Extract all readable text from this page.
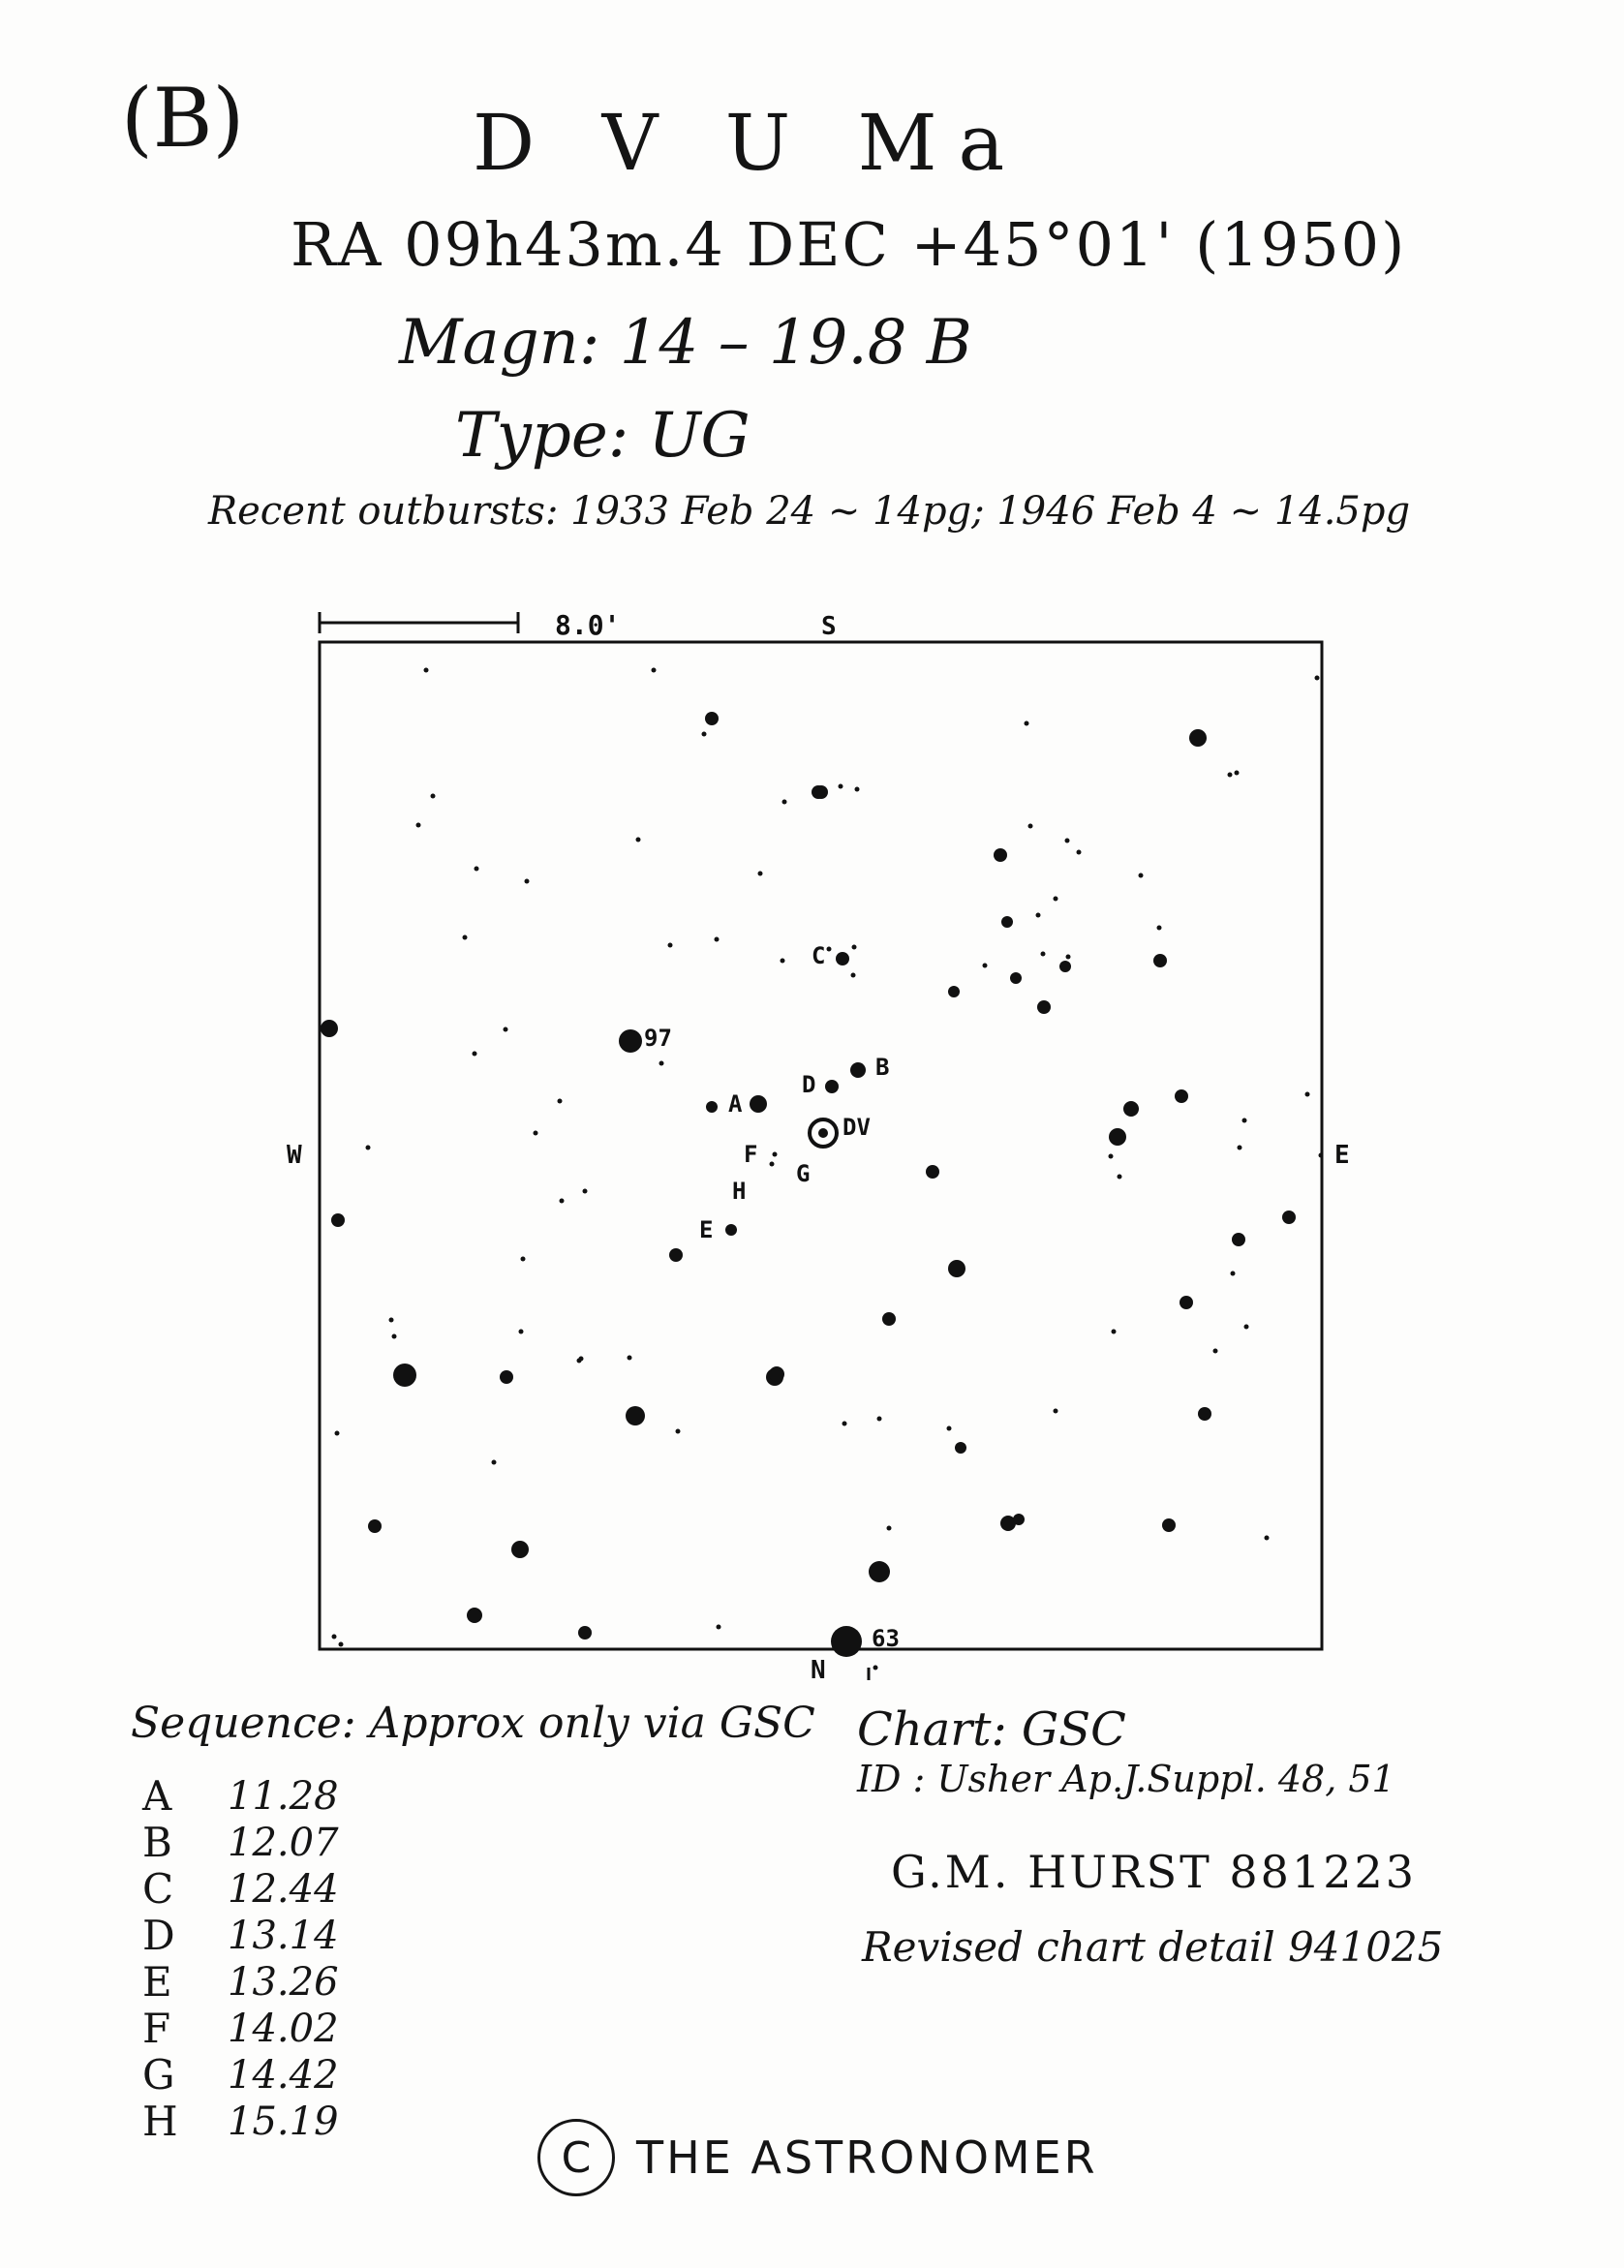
(B)	D V U Ma
RA 09h43m.4 DEC +45°01' (1950)
Magn: 14 – 19.8 B
Type: UG
Recent outbursts: 1933 Feb 24 ~ 14pg; 1946 Feb 4 ~ 14.5pg
A
B
C
D
E
F
G
H
DV
97
63
8.0'	S
W	E
N
Sequence: Approx only via GSC
A	11.28
B	12.07
C	12.44
D	13.14
E	13.26
F	14.02
G	14.42
H	15.19
Chart: GSC
ID : Usher Ap.J.Suppl. 48, 51
G.M. HURST 881223
Revised chart detail 941025
C	THE ASTRONOMER
